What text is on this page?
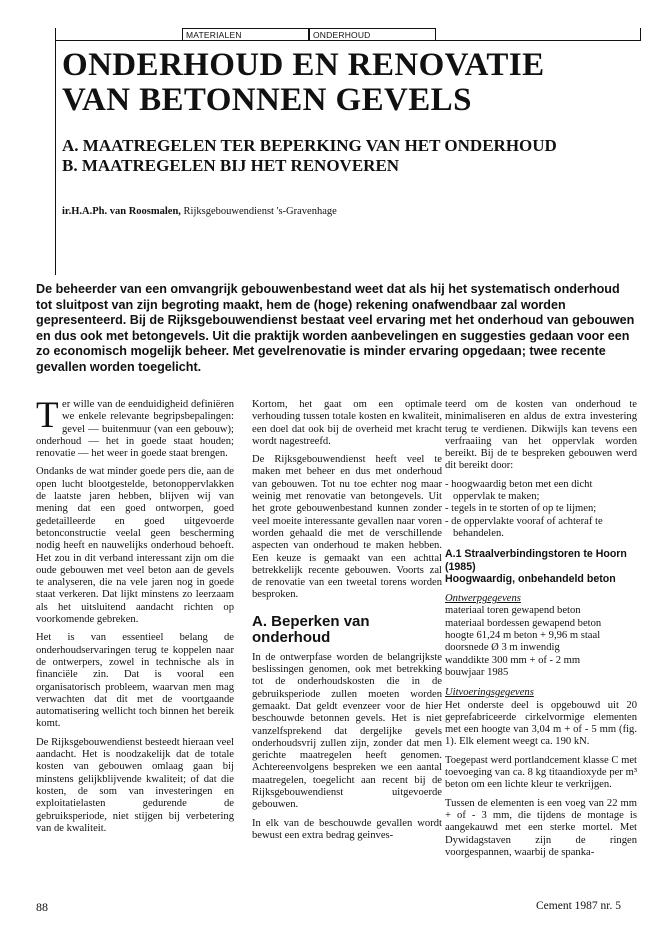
MATERIALEN	ONDERHOUD
ONDERHOUD EN RENOVATIE
VAN BETONNEN GEVELS
A. MAATREGELEN TER BEPERKING VAN HET ONDERHOUD
B. MAATREGELEN BIJ HET RENOVEREN
ir.H.A.Ph. van Roosmalen, Rijksgebouwendienst 's-Gravenhage

De beheerder van een omvangrijk gebouwenbestand weet dat als hij het systematisch onderhoud tot sluitpost van zijn begroting maakt, hem de (hoge) rekening onafwendbaar zal worden gepresenteerd. Bij de Rijksgebouwendienst bestaat veel ervaring met het onderhoud van gebouwen en dus ook met betongevels. Uit die praktijk worden aanbevelingen en suggesties gedaan voor een zo economisch mogelijk beheer. Met gevelrenovatie is minder ervaring opgedaan; twee recente gevallen worden toegelicht.

Ter wille van de eenduidigheid definiëren we enkele relevante begripsbepalingen: gevel — buitenmuur (van een gebouw); onderhoud — het in goede staat houden; renovatie — het weer in goede staat brengen.

Ondanks de wat minder goede pers die, aan de open lucht blootgestelde, betonoppervlakken de laatste jaren hebben, blijven wij van mening dat een goed ontworpen, goed gedetailleerde en goed uitgevoerde betonconstructie veelal geen bescherming nodig heeft en nauwelijks onderhoud behoeft. Het zou in dit verband interessant zijn om die oude gebouwen met veel beton aan de gevels te analyseren, die na vele jaren nog in goede staat verkeren. Dat lijkt minstens zo leerzaam als het uitsluitend aandacht richten op voorkomende gebreken.

Het is van essentieel belang de onderhoudservaringen terug te koppelen naar de ontwerpers, zowel in technische als in financiële zin. Dat is vooral een organisatorisch probleem, waarvan men mag verwachten dat dit met de voortgaande automatisering wellicht toch binnen het bereik komt.

De Rijksgebouwendienst besteedt hieraan veel aandacht. Het is noodzakelijk dat de totale kosten van gebouwen omlaag gaan bij minstens gelijkblijvende kwaliteit; of dat die kosten, de som van investeringen en exploitatielasten gedurende de gebruiksperiode, niet stijgen bij verbetering van de kwaliteit.

Kortom, het gaat om een optimale verhouding tussen totale kosten en kwaliteit, een doel dat ook bij de overheid met kracht wordt nagestreefd.

De Rijksgebouwendienst heeft veel te maken met beheer en dus met onderhoud van gebouwen. Tot nu toe echter nog maar weinig met renovatie van betongevels. Uit het grote gebouwenbestand kunnen zonder veel moeite interessante gevallen naar voren worden gehaald die met de verschillende aspecten van onderhoud te maken hebben. Een keuze is gemaakt van een achttal betrekkelijk recente gebouwen. Voorts zal de renovatie van een tweetal torens worden besproken.

A. Beperken van onderhoud

In de ontwerpfase worden de belangrijkste beslissingen genomen, ook met betrekking tot de onderhoudskosten die in de gebruiksperiode zullen moeten worden gemaakt. Dat geldt evenzeer voor de hier beschouwde betonnen gevels. Het is niet vanzelfsprekend dat dergelijke gevels onderhoudsvrij zullen zijn, zonder dat men gerichte maatregelen heeft genomen. Achtereenvolgens bespreken we een aantal maatregelen, toegelicht aan recent bij de Rijksgebouwendienst uitgevoerde gebouwen.

In elk van de beschouwde gevallen wordt bewust een extra bedrag geinves-

teerd om de kosten van onderhoud te minimaliseren en aldus de extra investering terug te verdienen. Dikwijls kan tevens een verfraaiing van het oppervlak worden bereikt. Bij de te bespreken gebouwen werd dit bereikt door:

- hoogwaardig beton met een dicht oppervlak te maken;
- tegels in te storten of op te lijmen;
- de oppervlakte vooraf of achteraf te behandelen.
A.1 Straalverbindingstoren te Hoorn (1985)
Hoogwaardig, onbehandeld beton
Ontwerpgegevens
materiaal toren gewapend beton
materiaal bordessen gewapend beton
hoogte 61,24 m beton + 9,96 m staal
doorsnede Ø 3 m inwendig
wanddikte 300 mm + of - 2 mm
bouwjaar 1985
Uitvoeringsgegevens

Het onderste deel is opgebouwd uit 20 geprefabriceerde cirkelvormige elementen met een hoogte van 3,04 m + of - 5 mm (fig. 1). Elk element weegt ca. 190 kN.

Toegepast werd portlandcement klasse C met toevoeging van ca. 8 kg titaandioxyde per m³ beton om een lichte kleur te verkrijgen.

Tussen de elementen is een voeg van 22 mm + of - 3 mm, die tijdens de montage is aangekauwd met een sterke mortel. Met Dywidagstaven zijn de ringen voorgespannen, waarbij de spanka-

88	Cement 1987 nr. 5
